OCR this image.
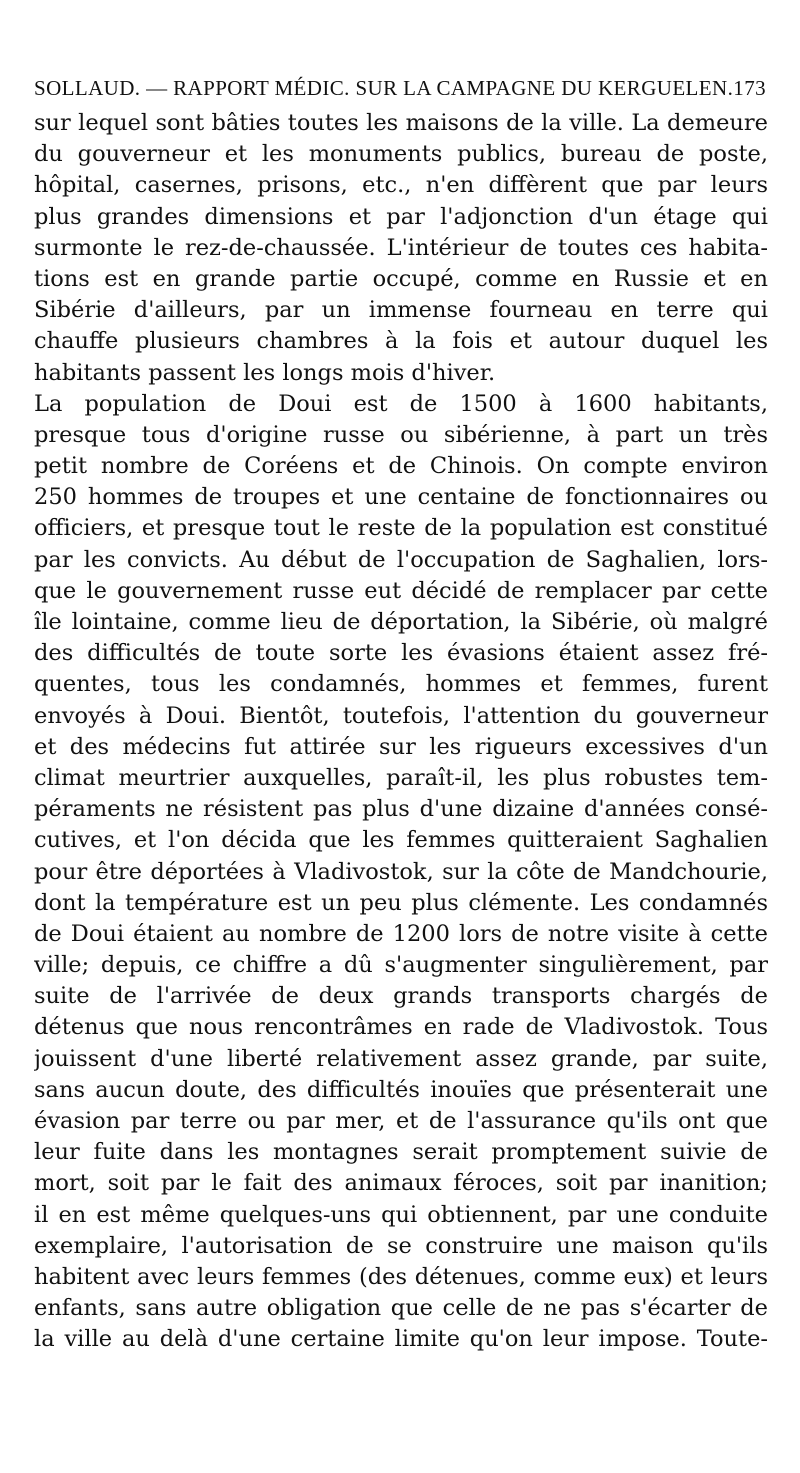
SOLLAUD. — RAPPORT MÉDIC. SUR LA CAMPAGNE DU KERGUELEN. 173
sur lequel sont bâties toutes les maisons de la ville. La demeure
du gouverneur et les monuments publics, bureau de poste,
hôpital, casernes, prisons, etc., n'en diffèrent que par leurs
plus grandes dimensions et par l'adjonction d'un étage qui
surmonte le rez-de-chaussée. L'intérieur de toutes ces habita-
tions est en grande partie occupé, comme en Russie et en
Sibérie d'ailleurs, par un immense fourneau en terre qui
chauffe plusieurs chambres à la fois et autour duquel les
habitants passent les longs mois d'hiver.
La population de Doui est de 1500 à 1600 habitants,
presque tous d'origine russe ou sibérienne, à part un très
petit nombre de Coréens et de Chinois. On compte environ
250 hommes de troupes et une centaine de fonctionnaires ou
officiers, et presque tout le reste de la population est constitué
par les convicts. Au début de l'occupation de Saghalien, lors-
que le gouvernement russe eut décidé de remplacer par cette
île lointaine, comme lieu de déportation, la Sibérie, où malgré
des difficultés de toute sorte les évasions étaient assez fré-
quentes, tous les condamnés, hommes et femmes, furent
envoyés à Doui. Bientôt, toutefois, l'attention du gouverneur
et des médecins fut attirée sur les rigueurs excessives d'un
climat meurtrier auxquelles, paraît-il, les plus robustes tem-
péraments ne résistent pas plus d'une dizaine d'années consé-
cutives, et l'on décida que les femmes quitteraient Saghalien
pour être déportées à Vladivostok, sur la côte de Mandchourie,
dont la température est un peu plus clémente. Les condamnés
de Doui étaient au nombre de 1200 lors de notre visite à cette
ville; depuis, ce chiffre a dû s'augmenter singulièrement, par
suite de l'arrivée de deux grands transports chargés de
détenus que nous rencontrâmes en rade de Vladivostok. Tous
jouissent d'une liberté relativement assez grande, par suite,
sans aucun doute, des difficultés inouïes que présenterait une
évasion par terre ou par mer, et de l'assurance qu'ils ont que
leur fuite dans les montagnes serait promptement suivie de
mort, soit par le fait des animaux féroces, soit par inanition;
il en est même quelques-uns qui obtiennent, par une conduite
exemplaire, l'autorisation de se construire une maison qu'ils
habitent avec leurs femmes (des détenues, comme eux) et leurs
enfants, sans autre obligation que celle de ne pas s'écarter de
la ville au delà d'une certaine limite qu'on leur impose. Toute-
